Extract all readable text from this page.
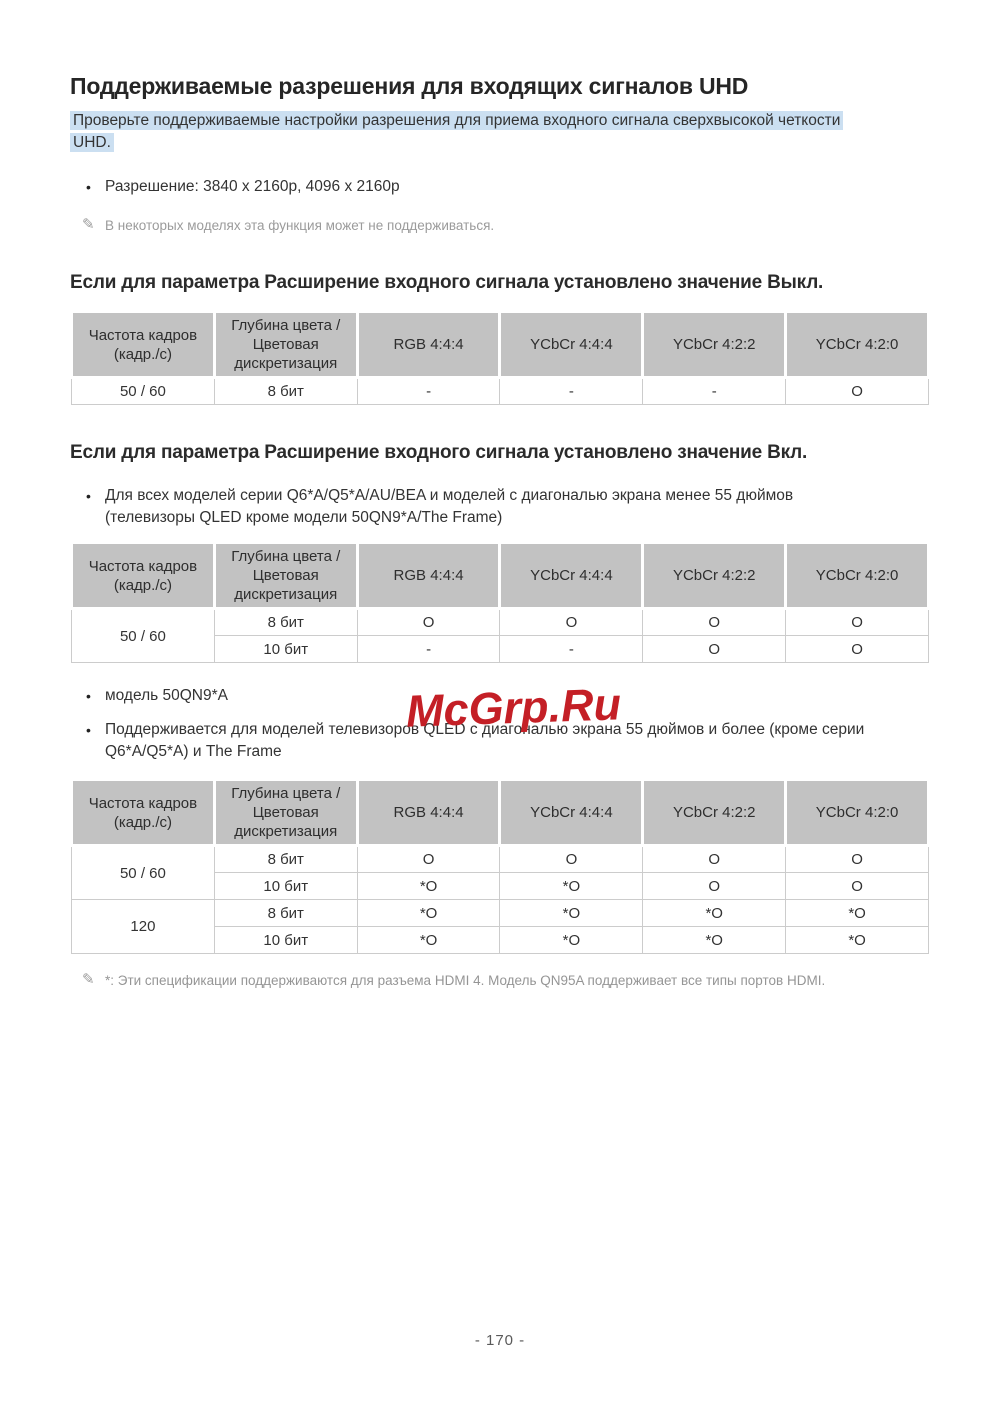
Поддерживаемые разрешения для входящих сигналов UHD

Проверьте поддерживаемые настройки разрешения для приема входного сигнала сверхвысокой четкости UHD.

• Разрешение: 3840 x 2160p, 4096 x 2160p
✎ В некоторых моделях эта функция может не поддерживаться.
Если для параметра Расширение входного сигнала установлено значение Выкл.
Частота кадров (кадр./с)	Глубина цвета / Цветовая дискретизация	RGB 4:4:4	YCbCr 4:4:4	YCbCr 4:2:2	YCbCr 4:2:0
50 / 60	8 бит	-	-	-	O
Если для параметра Расширение входного сигнала установлено значение Вкл.
• Для всех моделей серии Q6*A/Q5*A/AU/BEA и моделей с диагональю экрана менее 55 дюймов (телевизоры QLED кроме модели 50QN9*A/The Frame)
Частота кадров (кадр./с)	Глубина цвета / Цветовая дискретизация	RGB 4:4:4	YCbCr 4:4:4	YCbCr 4:2:2	YCbCr 4:2:0
50 / 60	8 бит	O	O	O	O
	10 бит	-	-	O	O
• модель 50QN9*A
• Поддерживается для моделей телевизоров QLED с диагональю экрана 55 дюймов и более (кроме серии Q6*A/Q5*A) и The Frame
Частота кадров (кадр./с)	Глубина цвета / Цветовая дискретизация	RGB 4:4:4	YCbCr 4:4:4	YCbCr 4:2:2	YCbCr 4:2:0
50 / 60	8 бит	O	O	O	O
	10 бит	*O	*O	O	O
120	8 бит	*O	*O	*O	*O
	10 бит	*O	*O	*O	*O
✎ *: Эти спецификации поддерживаются для разъема HDMI 4. Модель QN95A поддерживает все типы портов HDMI.
McGrp.Ru
- 170 -
